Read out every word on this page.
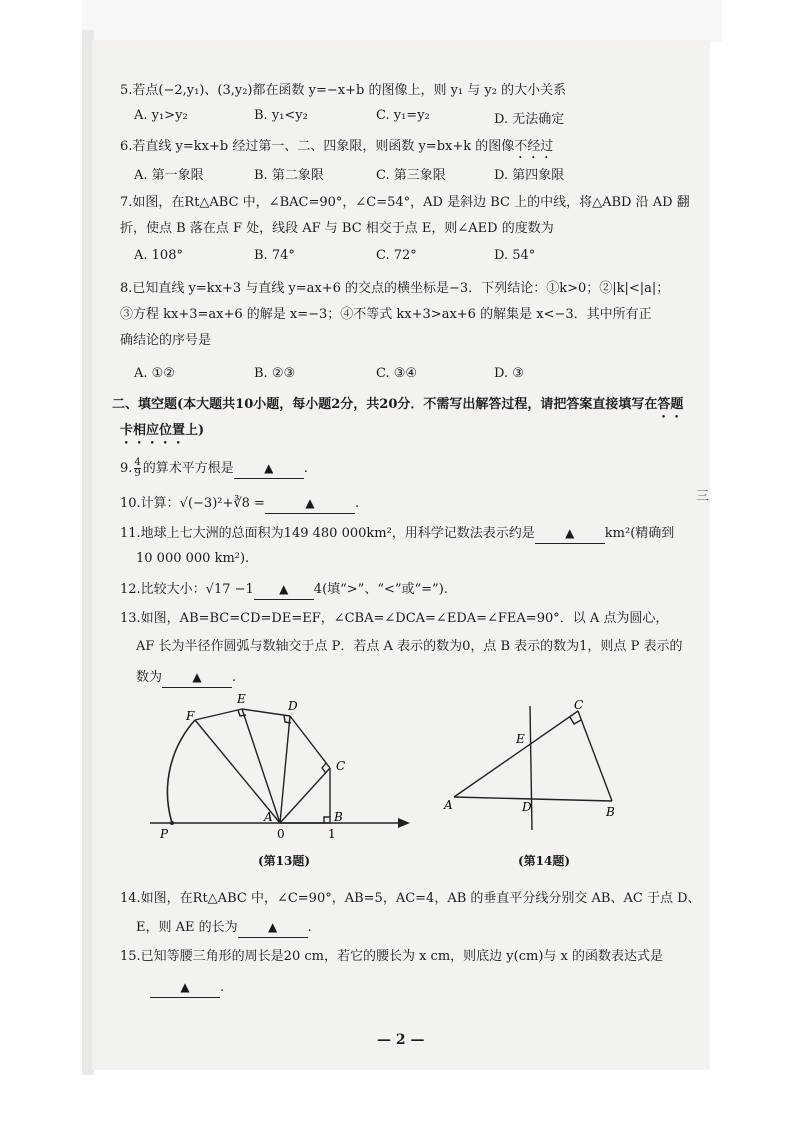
三
5.若点(−2,y₁)、(3,y₂)都在函数 y=−x+b 的图像上，则 y₁ 与 y₂ 的大小关系
A. y₁>y₂	B. y₁<y₂	C. y₁=y₂	D. 无法确定
6.若直线 y=kx+b 经过第一、二、四象限，则函数 y=bx+k 的图像不经过
A. 第一象限	B. 第二象限	C. 第三象限	D. 第四象限
7.如图，在Rt△ABC 中，∠BAC=90°，∠C=54°，AD 是斜边 BC 上的中线，将△ABD 沿 AD 翻
折，使点 B 落在点 F 处，线段 AF 与 BC 相交于点 E，则∠AED 的度数为
A. 108°	B. 74°	C. 72°	D. 54°
8.已知直线 y=kx+3 与直线 y=ax+6 的交点的横坐标是−3．下列结论：①k>0；②|k|<|a|；
③方程 kx+3=ax+6 的解是 x=−3；④不等式 kx+3>ax+6 的解集是 x<−3．其中所有正
确结论的序号是
A. ①②	B. ②③	C. ③④	D. ③
二、填空题(本大题共10小题，每小题2分，共20分．不需写出解答过程，请把答案直接填写在答题
卡相应位置上)
9. $\frac{4}{9}$ 的算术平方根是	▲ .
10.计算：√(−3)²+∛8 =	▲	.
11.地球上七大洲的总面积为149 480 000km²，用科学记数法表示约是	▲ km²(精确到
10 000 000 km²).
12.比较大小：√17 −1 ▲ 4(填“>”、“<”或“=”).
13.如图，AB=BC=CD=DE=EF，∠CBA=∠DCA=∠EDA=∠FEA=90°．以 A 点为圆心，
AF 长为半径作圆弧与数轴交于点 P．若点 A 表示的数为0，点 B 表示的数为1，则点 P 表示的
数为	▲ .
P
A
0
B
1
C
D
E
F
(第13题)
A	B
C
D
E
(第14题)
14.如图，在Rt△ABC 中，∠C=90°，AB=5，AC=4，AB 的垂直平分线分别交 AB、AC 于点 D、
E，则 AE 的长为	▲ .
15.已知等腰三角形的周长是20 cm，若它的腰长为 x cm，则底边 y(cm)与 x 的函数表达式是
▲ .
— 2 —
